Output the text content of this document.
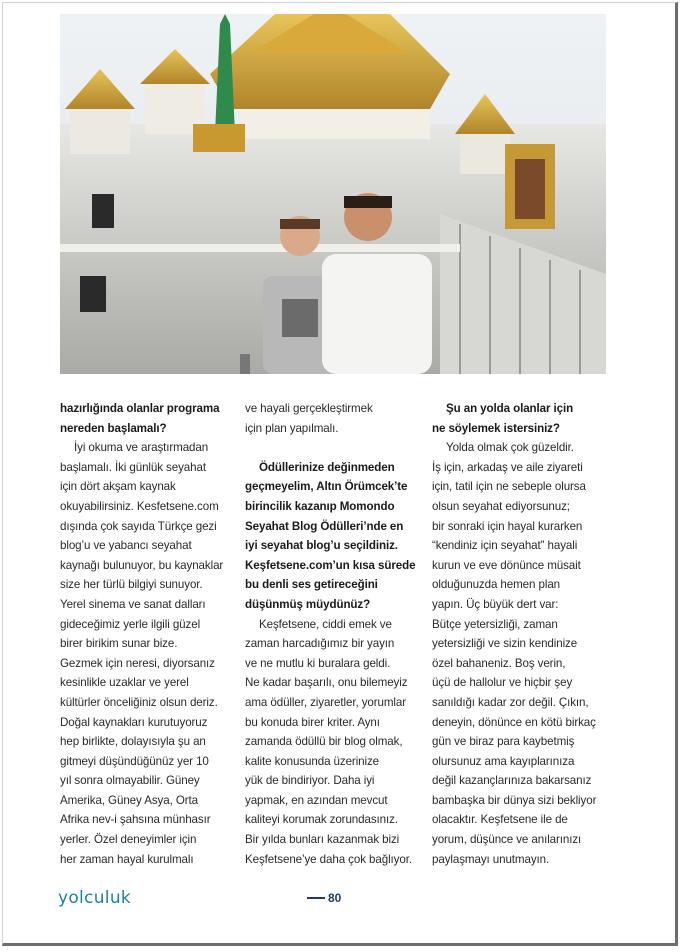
hazırlığında olanlar programa

nereden başlamalı?

İyi okuma ve araştırmadan

başlamalı. İki günlük seyahat

için dört akşam kaynak

okuyabilirsiniz. Kesfetsene.com

dışında çok sayıda Türkçe gezi

blog’u ve yabancı seyahat

kaynağı bulunuyor, bu kaynaklar

size her türlü bilgiyi sunuyor.

Yerel sinema ve sanat dalları

gideceğimiz yerle ilgili güzel

birer birikim sunar bize.

Gezmek için neresi, diyorsanız

kesinlikle uzaklar ve yerel

kültürler önceliğiniz olsun deriz.

Doğal kaynakları kurutuyoruz

hep birlikte, dolayısıyla şu an

gitmeyi düşündüğünüz yer 10

yıl sonra olmayabilir. Güney

Amerika, Güney Asya, Orta

Afrika nev-i şahsına münhasır

yerler. Özel deneyimler için

her zaman hayal kurulmalı

ve hayali gerçekleştirmek

için plan yapılmalı.

Ödüllerinize değinmeden

geçmeyelim, Altın Örümcek’te

birincilik kazanıp Momondo

Seyahat Blog Ödülleri’nde en

iyi seyahat blog’u seçildiniz.

Keşfetsene.com’un kısa sürede

bu denli ses getireceğini

düşünmüş müydünüz?

Keşfetsene, ciddi emek ve

zaman harcadığımız bir yayın

ve ne mutlu ki buralara geldi.

Ne kadar başarılı, onu bilemeyiz

ama ödüller, ziyaretler, yorumlar

bu konuda birer kriter. Aynı

zamanda ödüllü bir blog olmak,

kalite konusunda üzerinize

yük de bindiriyor. Daha iyi

yapmak, en azından mevcut

kaliteyi korumak zorundasınız.

Bir yılda bunları kazanmak bizi

Keşfetsene’ye daha çok bağlıyor.

Şu an yolda olanlar için

ne söylemek istersiniz?

Yolda olmak çok güzeldir.

İş için, arkadaş ve aile ziyareti

için, tatil için ne sebeple olursa

olsun seyahat ediyorsunuz;

bir sonraki için hayal kurarken

“kendiniz için seyahat” hayali

kurun ve eve dönünce müsait

olduğunuzda hemen plan

yapın. Üç büyük dert var:

Bütçe yetersizliği, zaman

yetersizliği ve sizin kendinize

özel bahaneniz. Boş verin,

üçü de hallolur ve hiçbir şey

sanıldığı kadar zor değil. Çıkın,

deneyin, dönünce en kötü birkaç

gün ve biraz para kaybetmiş

olursunuz ama kayıplarınıza

değil kazançlarınıza bakarsanız

bambaşka bir dünya sizi bekliyor

olacaktır. Keşfetsene ile de

yorum, düşünce ve anılarınızı

paylaşmayı unutmayın.

yolculuk	80
